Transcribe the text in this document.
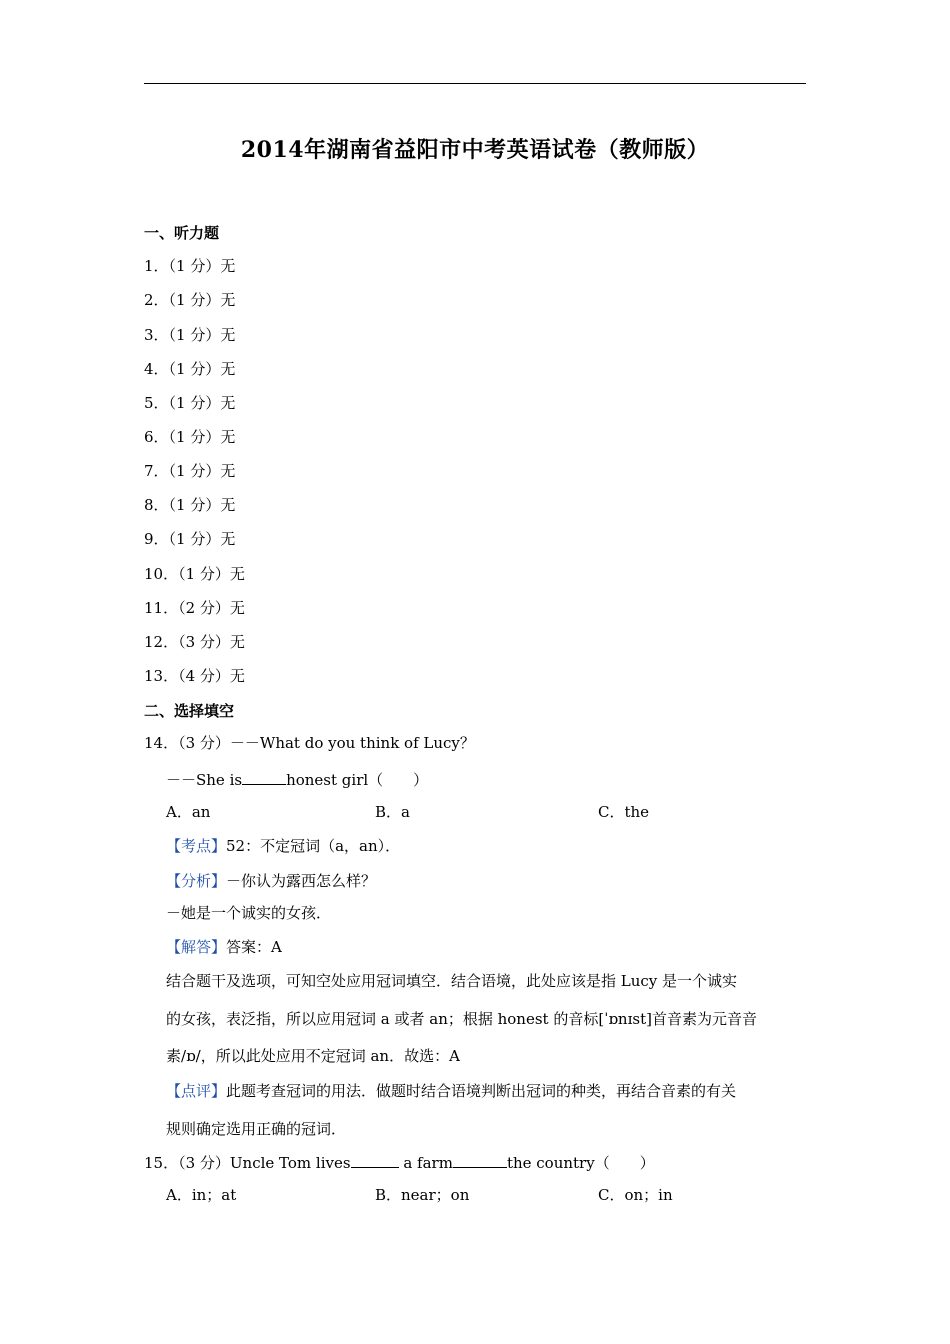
2014年湖南省益阳市中考英语试卷（教师版）
一、听力题
1．（1 分）无
2．（1 分）无
3．（1 分）无
4．（1 分）无
5．（1 分）无
6．（1 分）无
7．（1 分）无
8．（1 分）无
9．（1 分）无
10．（1 分）无
11．（2 分）无
12．（3 分）无
13．（4 分）无
二、选择填空
14．（3 分）－－What do you think of Lucy？
－－She is	honest girl（　　）
A．an	B．a	C．the
【考点】52：不定冠词（a，an）．
【分析】－你认为露西怎么样？
－她是一个诚实的女孩．
【解答】答案：A
结合题干及选项，可知空处应用冠词填空．结合语境，此处应该是指 Lucy 是一个诚实
的女孩，表泛指，所以应用冠词 a 或者 an；根据 honest 的音标[ˈɒnɪst]首音素为元音音
素/ɒ/，所以此处应用不定冠词 an．故选：A
【点评】此题考查冠词的用法．做题时结合语境判断出冠词的种类，再结合音素的有关
规则确定选用正确的冠词．
15．（3 分）Uncle Tom lives	a farm	the country（　　）
A．in；at	B．near；on	C．on；in
